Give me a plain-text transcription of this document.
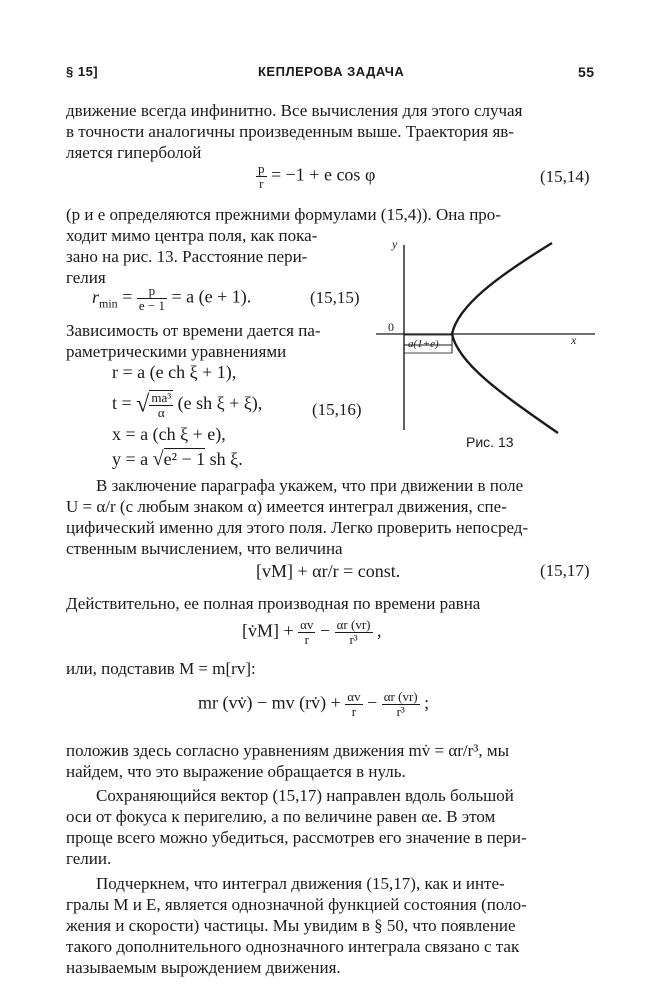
§ 15]	КЕПЛЕРОВА ЗАДАЧА	55
движение всегда инфинитно. Все вычисления для этого случая
в точности аналогичны произведенным выше. Траектория яв-
ляется гиперболой
$\frac{p}{r} = -1 + e$ cos φ	(15,14)
(p и e определяются прежними формулами (15,4)). Она про-
ходит мимо центра поля, как пока-
зано на рис. 13. Расстояние пери-
гелия
$r_{min} = \frac{p}{e - 1} = a$ (e + 1).	(15,15)
Зависимость от времени дается па-
раметрическими уравнениями
r = a (e ch ξ + 1),
t = √ $\frac{\text{ma³}}{\alpha} (e$ sh ξ + ξ),	(15,16)
x = a (ch ξ + e),
y = a √e² − 1 sh ξ.
y
x
0
a(1+e)
Рис. 13
В заключение параграфа укажем, что при движении в поле
U = α/r (с любым знаком α) имеется интеграл движения, спе-
цифический именно для этого поля. Легко проверить непосред-
ственным вычислением, что величина
[vM] + αr/r = const.	(15,17)
Действительно, ее полная производная по времени равна
[v̇M] + $\frac{\alpha v}{r} - \frac{\alpha r (vr)}{\text{r³}}$ ,
или, подставив M = m[rv]:
mr (vv̇) − mv (rv̇) + $\frac{\alpha v}{r} - \frac{\alpha r (vr)}{\text{r³}}$ ;
положив здесь согласно уравнениям движения mv̇ = αr/r³, мы
найдем, что это выражение обращается в нуль.
Сохраняющийся вектор (15,17) направлен вдоль большой
оси от фокуса к перигелию, а по величине равен αe. В этом
проще всего можно убедиться, рассмотрев его значение в пери-
гелии.
Подчеркнем, что интеграл движения (15,17), как и инте-
гралы M и E, является однозначной функцией состояния (поло-
жения и скорости) частицы. Мы увидим в § 50, что появление
такого дополнительного однозначного интеграла связано с так
называемым вырождением движения.
